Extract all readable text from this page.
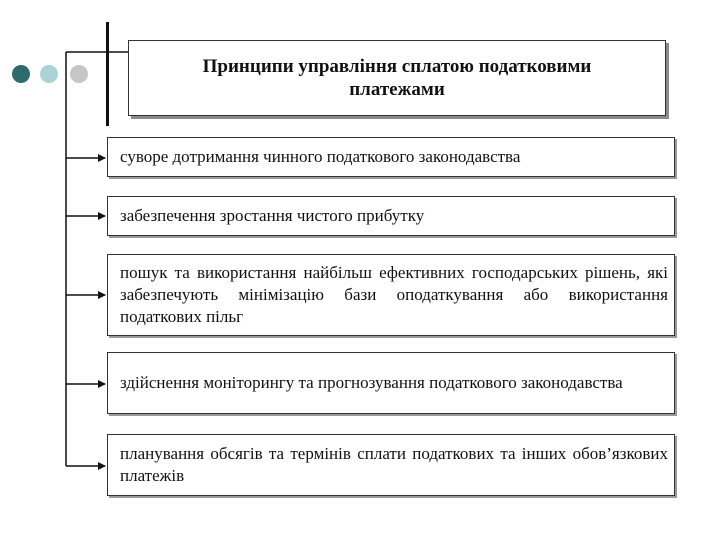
Принципи управління сплатою податковими платежами
суворе дотримання чинного податкового законодавства
забезпечення зростання чистого прибутку
пошук та використання найбільш ефективних господарських рішень, які забезпечують мінімізацію бази оподаткування або використання податкових пільг
здійснення моніторингу та прогнозування податкового законодавства
планування обсягів та термінів сплати податкових та інших обов’язкових платежів
